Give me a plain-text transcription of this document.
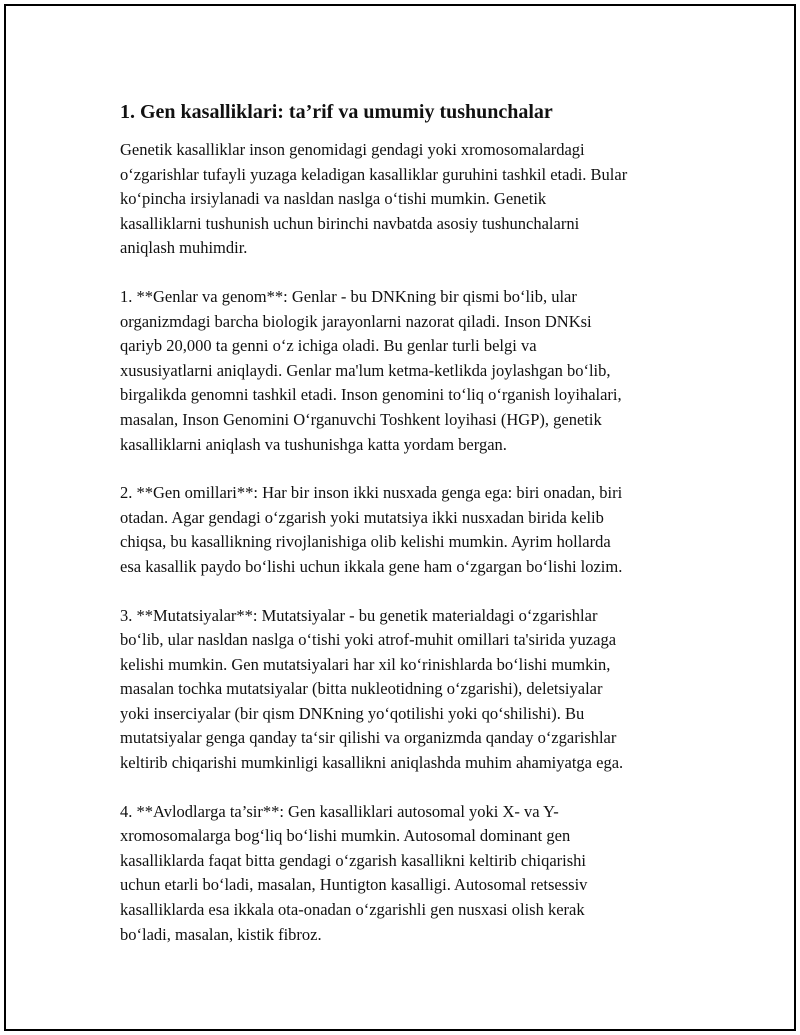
1. Gen kasalliklari: ta’rif va umumiy tushunchalar

Genetik kasalliklar inson genomidagi gendagi yoki xromosomalardagi
o‘zgarishlar tufayli yuzaga keladigan kasalliklar guruhini tashkil etadi. Bular
ko‘pincha irsiylanadi va nasldan naslga o‘tishi mumkin. Genetik
kasalliklarni tushunish uchun birinchi navbatda asosiy tushunchalarni
aniqlash muhimdir.

1. **Genlar va genom**: Genlar - bu DNKning bir qismi bo‘lib, ular
organizmdagi barcha biologik jarayonlarni nazorat qiladi. Inson DNKsi
qariyb 20,000 ta genni o‘z ichiga oladi. Bu genlar turli belgi va
xususiyatlarni aniqlaydi. Genlar ma'lum ketma-ketlikda joylashgan bo‘lib,
birgalikda genomni tashkil etadi. Inson genomini to‘liq o‘rganish loyihalari,
masalan, Inson Genomini O‘rganuvchi Toshkent loyihasi (HGP), genetik
kasalliklarni aniqlash va tushunishga katta yordam bergan.

2. **Gen omillari**: Har bir inson ikki nusxada genga ega: biri onadan, biri
otadan. Agar gendagi o‘zgarish yoki mutatsiya ikki nusxadan birida kelib
chiqsa, bu kasallikning rivojlanishiga olib kelishi mumkin. Ayrim hollarda
esa kasallik paydo bo‘lishi uchun ikkala gene ham o‘zgargan bo‘lishi lozim.

3. **Mutatsiyalar**: Mutatsiyalar - bu genetik materialdagi o‘zgarishlar
bo‘lib, ular nasldan naslga o‘tishi yoki atrof-muhit omillari ta'sirida yuzaga
kelishi mumkin. Gen mutatsiyalari har xil ko‘rinishlarda bo‘lishi mumkin,
masalan tochka mutatsiyalar (bitta nukleotidning o‘zgarishi), deletsiyalar
yoki inserciyalar (bir qism DNKning yo‘qotilishi yoki qo‘shilishi). Bu
mutatsiyalar genga qanday ta‘sir qilishi va organizmda qanday o‘zgarishlar
keltirib chiqarishi mumkinligi kasallikni aniqlashda muhim ahamiyatga ega.

4. **Avlodlarga ta’sir**: Gen kasalliklari autosomal yoki X- va Y-
xromosomalarga bog‘liq bo‘lishi mumkin. Autosomal dominant gen
kasalliklarda faqat bitta gendagi o‘zgarish kasallikni keltirib chiqarishi
uchun etarli bo‘ladi, masalan, Huntigton kasalligi. Autosomal retsessiv
kasalliklarda esa ikkala ota-onadan o‘zgarishli gen nusxasi olish kerak
bo‘ladi, masalan, kistik fibroz.
